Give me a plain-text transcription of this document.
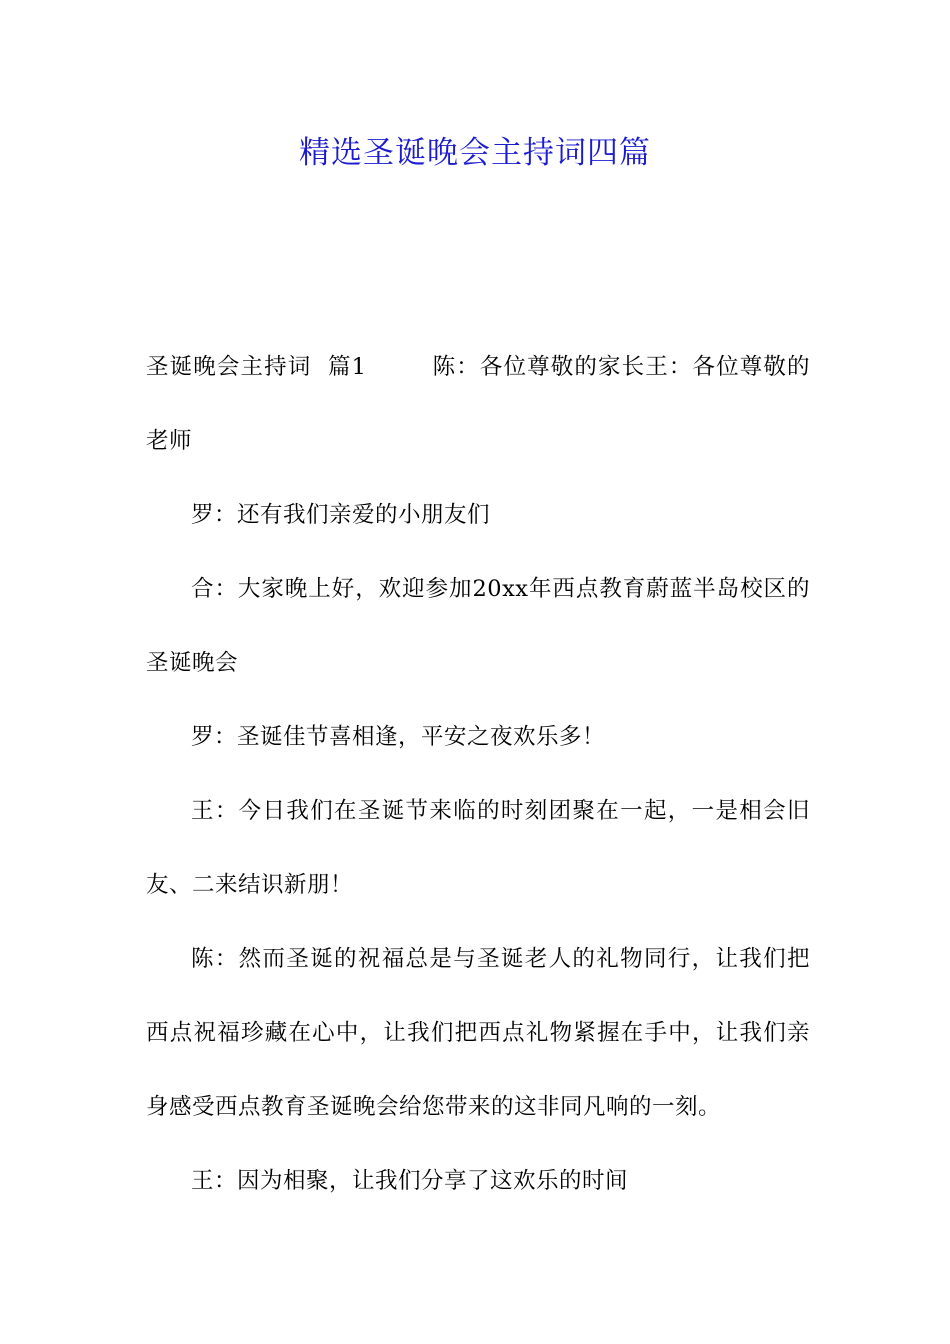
精选圣诞晚会主持词四篇

圣诞晚会主持词  篇1        陈：各位尊敬的家长王：各位尊敬的老师

罗：还有我们亲爱的小朋友们

合：大家晚上好，欢迎参加20xx年西点教育蔚蓝半岛校区的圣诞晚会

罗：圣诞佳节喜相逢，平安之夜欢乐多！

王：今日我们在圣诞节来临的时刻团聚在一起，一是相会旧友、二来结识新朋！

陈：然而圣诞的祝福总是与圣诞老人的礼物同行，让我们把西点祝福珍藏在心中，让我们把西点礼物紧握在手中，让我们亲身感受西点教育圣诞晚会给您带来的这非同凡响的一刻。

王：因为相聚，让我们分享了这欢乐的时间
